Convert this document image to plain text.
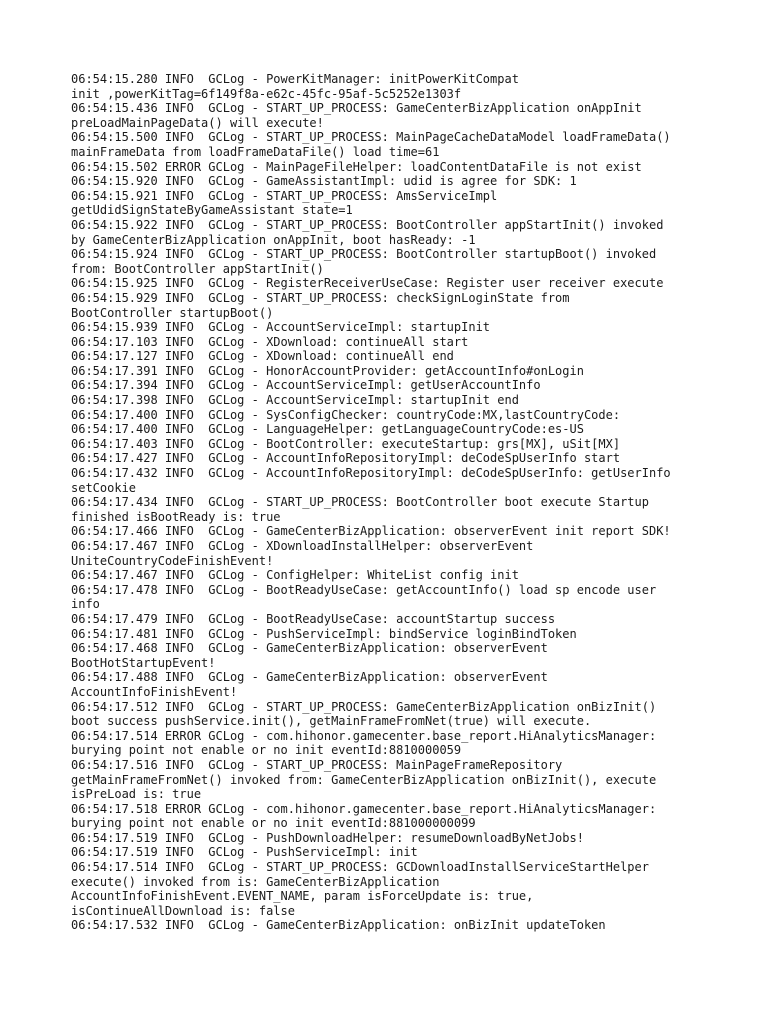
06:54:15.280 INFO  GCLog - PowerKitManager: initPowerKitCompat
init ,powerKitTag=6f149f8a-e62c-45fc-95af-5c5252e1303f
06:54:15.436 INFO  GCLog - START_UP_PROCESS: GameCenterBizApplication onAppInit
preLoadMainPageData() will execute!
06:54:15.500 INFO  GCLog - START_UP_PROCESS: MainPageCacheDataModel loadFrameData()
mainFrameData from loadFrameDataFile() load time=61
06:54:15.502 ERROR GCLog - MainPageFileHelper: loadContentDataFile is not exist
06:54:15.920 INFO  GCLog - GameAssistantImpl: udid is agree for SDK: 1
06:54:15.921 INFO  GCLog - START_UP_PROCESS: AmsServiceImpl
getUdidSignStateByGameAssistant state=1
06:54:15.922 INFO  GCLog - START_UP_PROCESS: BootController appStartInit() invoked
by GameCenterBizApplication onAppInit, boot hasReady: -1
06:54:15.924 INFO  GCLog - START_UP_PROCESS: BootController startupBoot() invoked
from: BootController appStartInit()
06:54:15.925 INFO  GCLog - RegisterReceiverUseCase: Register user receiver execute
06:54:15.929 INFO  GCLog - START_UP_PROCESS: checkSignLoginState from
BootController startupBoot()
06:54:15.939 INFO  GCLog - AccountServiceImpl: startupInit
06:54:17.103 INFO  GCLog - XDownload: continueAll start
06:54:17.127 INFO  GCLog - XDownload: continueAll end
06:54:17.391 INFO  GCLog - HonorAccountProvider: getAccountInfo#onLogin
06:54:17.394 INFO  GCLog - AccountServiceImpl: getUserAccountInfo
06:54:17.398 INFO  GCLog - AccountServiceImpl: startupInit end
06:54:17.400 INFO  GCLog - SysConfigChecker: countryCode:MX,lastCountryCode:
06:54:17.400 INFO  GCLog - LanguageHelper: getLanguageCountryCode:es-US
06:54:17.403 INFO  GCLog - BootController: executeStartup: grs[MX], uSit[MX]
06:54:17.427 INFO  GCLog - AccountInfoRepositoryImpl: deCodeSpUserInfo start
06:54:17.432 INFO  GCLog - AccountInfoRepositoryImpl: deCodeSpUserInfo: getUserInfo
setCookie
06:54:17.434 INFO  GCLog - START_UP_PROCESS: BootController boot execute Startup
finished isBootReady is: true
06:54:17.466 INFO  GCLog - GameCenterBizApplication: observerEvent init report SDK!
06:54:17.467 INFO  GCLog - XDownloadInstallHelper: observerEvent
UniteCountryCodeFinishEvent!
06:54:17.467 INFO  GCLog - ConfigHelper: WhiteList config init
06:54:17.478 INFO  GCLog - BootReadyUseCase: getAccountInfo() load sp encode user
info
06:54:17.479 INFO  GCLog - BootReadyUseCase: accountStartup success
06:54:17.481 INFO  GCLog - PushServiceImpl: bindService loginBindToken
06:54:17.468 INFO  GCLog - GameCenterBizApplication: observerEvent
BootHotStartupEvent!
06:54:17.488 INFO  GCLog - GameCenterBizApplication: observerEvent
AccountInfoFinishEvent!
06:54:17.512 INFO  GCLog - START_UP_PROCESS: GameCenterBizApplication onBizInit()
boot success pushService.init(), getMainFrameFromNet(true) will execute.
06:54:17.514 ERROR GCLog - com.hihonor.gamecenter.base_report.HiAnalyticsManager:
burying point not enable or no init eventId:8810000059
06:54:17.516 INFO  GCLog - START_UP_PROCESS: MainPageFrameRepository
getMainFrameFromNet() invoked from: GameCenterBizApplication onBizInit(), execute
isPreLoad is: true
06:54:17.518 ERROR GCLog - com.hihonor.gamecenter.base_report.HiAnalyticsManager:
burying point not enable or no init eventId:881000000099
06:54:17.519 INFO  GCLog - PushDownloadHelper: resumeDownloadByNetJobs!
06:54:17.519 INFO  GCLog - PushServiceImpl: init
06:54:17.514 INFO  GCLog - START_UP_PROCESS: GCDownloadInstallServiceStartHelper
execute() invoked from is: GameCenterBizApplication
AccountInfoFinishEvent.EVENT_NAME, param isForceUpdate is: true,
isContinueAllDownload is: false
06:54:17.532 INFO  GCLog - GameCenterBizApplication: onBizInit updateToken
